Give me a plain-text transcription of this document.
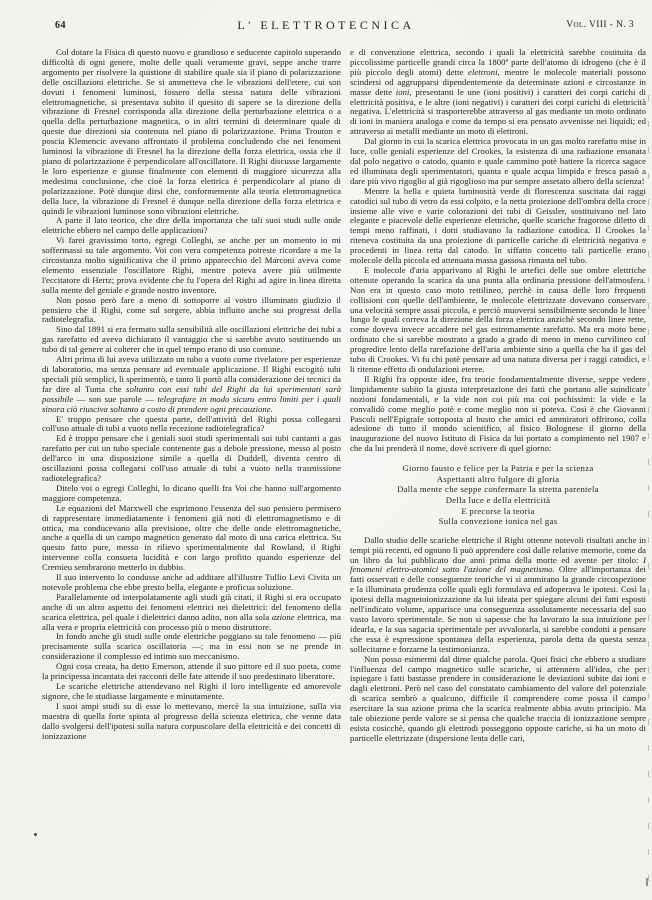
64	L' ELETTROTECNICA	Vol. VIII - N. 3

Col dotare la Fisica di questo nuovo e grandioso e seducente capitolo superando difficoltà di ogni genere, molte delle quali veramente gravi, seppe anche trarre argomento per risolvere la quistione di stabilire quale sia il piano di polarizzazione delle oscillazioni elettriche. Se si ammetteva che le vibrazioni dell'etere, cui son dovuti i fenomeni luminosi, fossero della stessa natura delle vibrazioni elettromagnetiche, si presentava subito il quesito di sapere se la direzione della vibrazione di Fresnel corrisponda alla direzione della perturbazione elettrica o a quella della perturbazione magnetica, o in altri termini di determinare quale di queste due direzioni sia contenuta nel piano di polarizzazione. Prima Trouton e poscia Klemencic avevano affrontato il problema concludendo che nei fenomeni luminosi la vibrazione di Fresnel ha la direzione della forza elettrica, ossia che il piano di polarizzazione è perpendicolare all'oscillatore. Il Righi discusse largamente le loro esperienze e giunse finalmente con elementi di maggiore sicurezza alla medesima conclusione, che cioè la forza elettrica è perpendicolare al piano di polarizzazione. Potè dunque dirsi che, conformemente alla teoria elettromagnetica della luce, la vibrazione di Fresnel è dunque nella direzione della forza elettrica e quindi le vibrazioni luminose sono vibrazioni elettriche.

A parte il lato teorico, che dire della importanza che tali suoi studi sulle onde elettriche ebbero nel campo delle applicazioni?

Vi farei gravissimo torto, egregi Colleghi, se anche per un momento io mi soffermassi su tale argomento. Voi con vera competenza potreste ricordare a me la circostanza molto significativa che il primo apparecchio del Marconi aveva come elemento essenziale l'oscillatore Righi, mentre poteva avere più utilmente l'eccitatore di Hertz; prova evidente che fu l'opera del Righi ad agire in linea diretta sulla mente del geniale e grande nostro inventore.

Non posso però fare a meno di sottoporre al vostro illuminato giudizio il pensiero che il Righi, come sul sorgere, abbia influito anche sui progressi della radiotelegrafia.

Sino dal 1891 si era fermato sulla sensibilità alle oscillazioni elettriche dei tubi a gas rarefatto ed aveva dichiarato il vantaggio che si sarebbe avuto sostituendo un tubo di tal genere ai coherer che in quel tempo erano di uso comune.

Altri prima di lui aveva utilizzato un tubo a vuoto come rivelatore per esperienze di laboratorio, ma senza pensare ad eventuale applicazione. Il Righi escogitò tubi speciali più semplici, li sperimentò, e tanto li portò alla considerazione dei tecnici da far dire al Tuma che soltanto con essi tubi del Righi da lui sperimentati sarà possibile — son sue parole — telegrafare in modo sicuro entro limiti per i quali sinora ciò riusciva soltanto a costo di prendere ogni precauzione.

E' troppo pensare che questa parte, dell'attività del Righi possa collegarsi coll'uso attuale di tubi a vuoto nella recezione radiotelegrafica?

Ed è troppo pensare che i geniali suoi studi sperimentali sui tubi cantanti a gas rarefatto per cui un tubo speciale contenente gas a debole pressione, messo al posto dell'arco in una disposizione simile a quella di Duddell, diventa centro di oscillazioni possa collegarsi coll'uso attuale di tubi a vuoto nella trasmissione radiotelegrafica?

Ditelo voi o egregi Colleghi, lo dicano quelli fra Voi che hanno sull'argomento maggiore competenza.

Le equazioni del Marxwell che esprimono l'essenza del suo pensiero permisero di rappresentare immediatamente i fenomeni già noti di elettromagnetismo e di ottica, ma conducevano alla previsione, oltre che delle onde elettromagnetiche, anche a quella di un campo magnetico generato dal moto di una carica elettrica. Su questo fatto pure, messo in rilievo sperimentalmente dal Rowland, il Righi intervenne colla consueta lucidità e con largo profitto quando esperienze del Cremieu sembrarono metterlo in dubbio.

Il suo intervento lo condusse anche ad additare all'illustre Tullio Levi Civita un notevole problema che ebbe presto bella, elegante e proficua soluzione.

Parallelamente od interpolatamente agli studi già citati, il Righi si era occupato anche di un altro aspetto dei fenomeni elettrici nei dielettrici: del fenomeno della scarica elettrica, pel quale i dielettrici danno adito, non alla sola azione elettrica, ma alla vera e propria elettricità con processo più o meno distruttore.

In fondo anche gli studi sulle onde elettriche poggiano su tale fenomeno — più precisamente sulla scarica oscillatoria —; ma in essi non se ne prende in considerazione il complesso ed intimo suo meccanismo.

Ogni cosa creata, ha detto Emerson, attende il suo pittore ed il suo poeta, come la principessa incantata dei racconti delle fate attende il suo predestinato liberatore.

Le scariche elettriche attendevano nel Righi il loro intelligente ed amorevole signore, che le studiasse largamente e minutamente.

I suoi ampi studi su di esse lo mettevano, mercè la sua intuizione, sulla via maestra di quella forte spinta al progresso della scienza elettrica, che venne data dallo svolgersi dell'ipotesi sulla natura corpuscolare della elettricità e dei concetti di ionizzazione

e di convenzione elettrica, secondo i quali la elettricità sarebbe costituita da piccolissime particelle grandi circa la 1800ª parte dell'atomo di idrogeno (che è il più piccolo degli atomi) dette elettroni, mentre le molecole materiali possono scindersi od aggrupparsi dipendentemente da determinate azioni e circostanze in masse dette ioni, presentanti le une (ioni positivi) i caratteri dei corpi carichi di elettricità positiva, e le altre (ioni negativi) i caratteri dei corpi carichi di elettricità negativa. L'elettricità si trasporterebbe attraverso al gas mediante un moto ordinato di ioni in maniera analoga e come da tempo si era pensato avvenisse nei liquidi; ed attraverso ai metalli mediante un moto di elettroni.

Dal giorno in cui la scarica elettrica provocata in un gas molto rarefatto mise in luce, colle geniali esperienze del Crookes, la esistenza di una radiazione emanata dal polo negativo o catodo, quanto e quale cammino potè battere la ricerca sagace ed illuminata degli sperimentatori, quanta e quale acqua limpida e fresca passò a dare più vivo rigoglio al già rigoglioso ma pur sempre assetato albero della scienza!

Mentre la bella e quieta luminosità verde di florescenza suscitata dai raggi catodici sul tubo di vetro da essi colpito, e la netta proiezione dell'ombra della croce insieme alle vive e varie colorazioni dei tubi di Geissler, sostituivano nel lato elegante e piacevole delle esperienze elettriche, quelle scariche fragorose diletto di tempi meno raffinati, i dotti studiavano la radiazione catodica. Il Crookes la riteneva costituita da una proiezione di particelle cariche di elettricità negativa e procedenti in linea retta dal catodo. In siffatto concetto tali particelle erano molecole della piccola ed attenuata massa gassosa rimasta nel tubo.

E molecole d'aria apparivano al Righi le artefici delle sue ombre elettriche ottenute operando la scarica da una punta alla ordinaria pressione dell'atmosfera. Non era in questo caso moto rettilineo, perchè in causa delle loro frequenti collisioni con quelle dell'ambiente, le molecole elettrizzate dovevano conservare una velocità sempre assai piccola, e perciò muoversi sensibilmente secondo le linee lungo le quali correva la direzione della forza elettrica anzichè secondo linee rette, come doveva invece accadere nel gas estremamente rarefatto. Ma era moto bene ordinato che si sarebbe mostrato a grado a grado di meno in meno curvilineo col progredire lento della rarefazione dell'aria ambiente sino a quella che ha il gas del tubo di Crookes. Vi fu chi potè pensare ad una natura diversa per i raggi catodici, e li ritenne effetto di ondulazioni eteree.

Il Righi fra opposte idee, fra teorie fondamentalmente diverse, seppe vedere limpidamente subito la giusta interpretazione dei fatti che portano alle suindicate nozioni fondamentali, e la vide non coi più ma coi pochissimi: la vide e la convalidò come meglio potè e come meglio non si poteva. Così è che Giovanni Pascoli nell'Epigrafe sottoposta al busto che amici ed ammiratori offrirono, colla adesione di tutto il mondo scientifico, al fisico Bolognese il giorno della inaugurazione del nuovo Istituto di Fisica da lui portato a compimento nel 1907 e che da lui prenderà il nome, dovè scrivere di quel giorno:

Giorno fausto e felice per la Patria e per la scienza
Aspettanti altro fulgore di gloria
Dalla mente che seppe confermare la stretta parentela
Della luce e della elettricità
E precorse la teoria
Sulla convezione ionica nel gas

Dallo studio delle scariche elettriche il Righi ottenne notevoli risultati anche in tempi più recenti, ed ognuno li può apprendere così dalle relative memorie, come da un libro da lui pubblicato due anni prima della morte ed avente per titolo: I fenomeni elettro-atomici sotto l'azione del magnetismo. Oltre all'importanza dei fatti osservati e delle conseguenze teoriche vi si ammirano la grande circospezione e la illuminata prudenza colle quali egli formulava ed adoperava le ipotesi. Così la ipotesi della magnetoionizzazione da lui ideata per spiegare alcuni dei fatti esposti nell'indicato volume, apparisce una conseguenza assolutamente necessaria del suo vasto lavoro sperimentale. Se non si sapesse che ha lavorato la sua intuizione per idearla, e la sua sagacia sperimentale per avvalorarla, si sarebbe condotti a pensare che essa è espressione spontanea della esperienza, parola detta da questa senza sollecitarne e forzarne la testimonianza.

Non posso esimermi dal dirne qualche parola. Quei fisici che ebbero a studiare l'influenza del campo magnetico sulle scariche, si attennero all'idea, che per ispiegare i fatti bastasse prendere in considerazione le deviazioni subite dai ioni e dagli elettroni. Però nel caso del constatato cambiamento del valore del potenziale di scarica sembrò a qualcuno, difficile il comprendere come possa il campo esercitare la sua azione prima che la scarica realmente abbia avuto principio. Ma tale obiezione perde valore se si pensa che qualche traccia di ionizzazione sempre esista cosicchè, quando gli elettrodi posseggono opposte cariche, si ha un moto di particelle elettrizzate (dispersione lenta delle cari,
